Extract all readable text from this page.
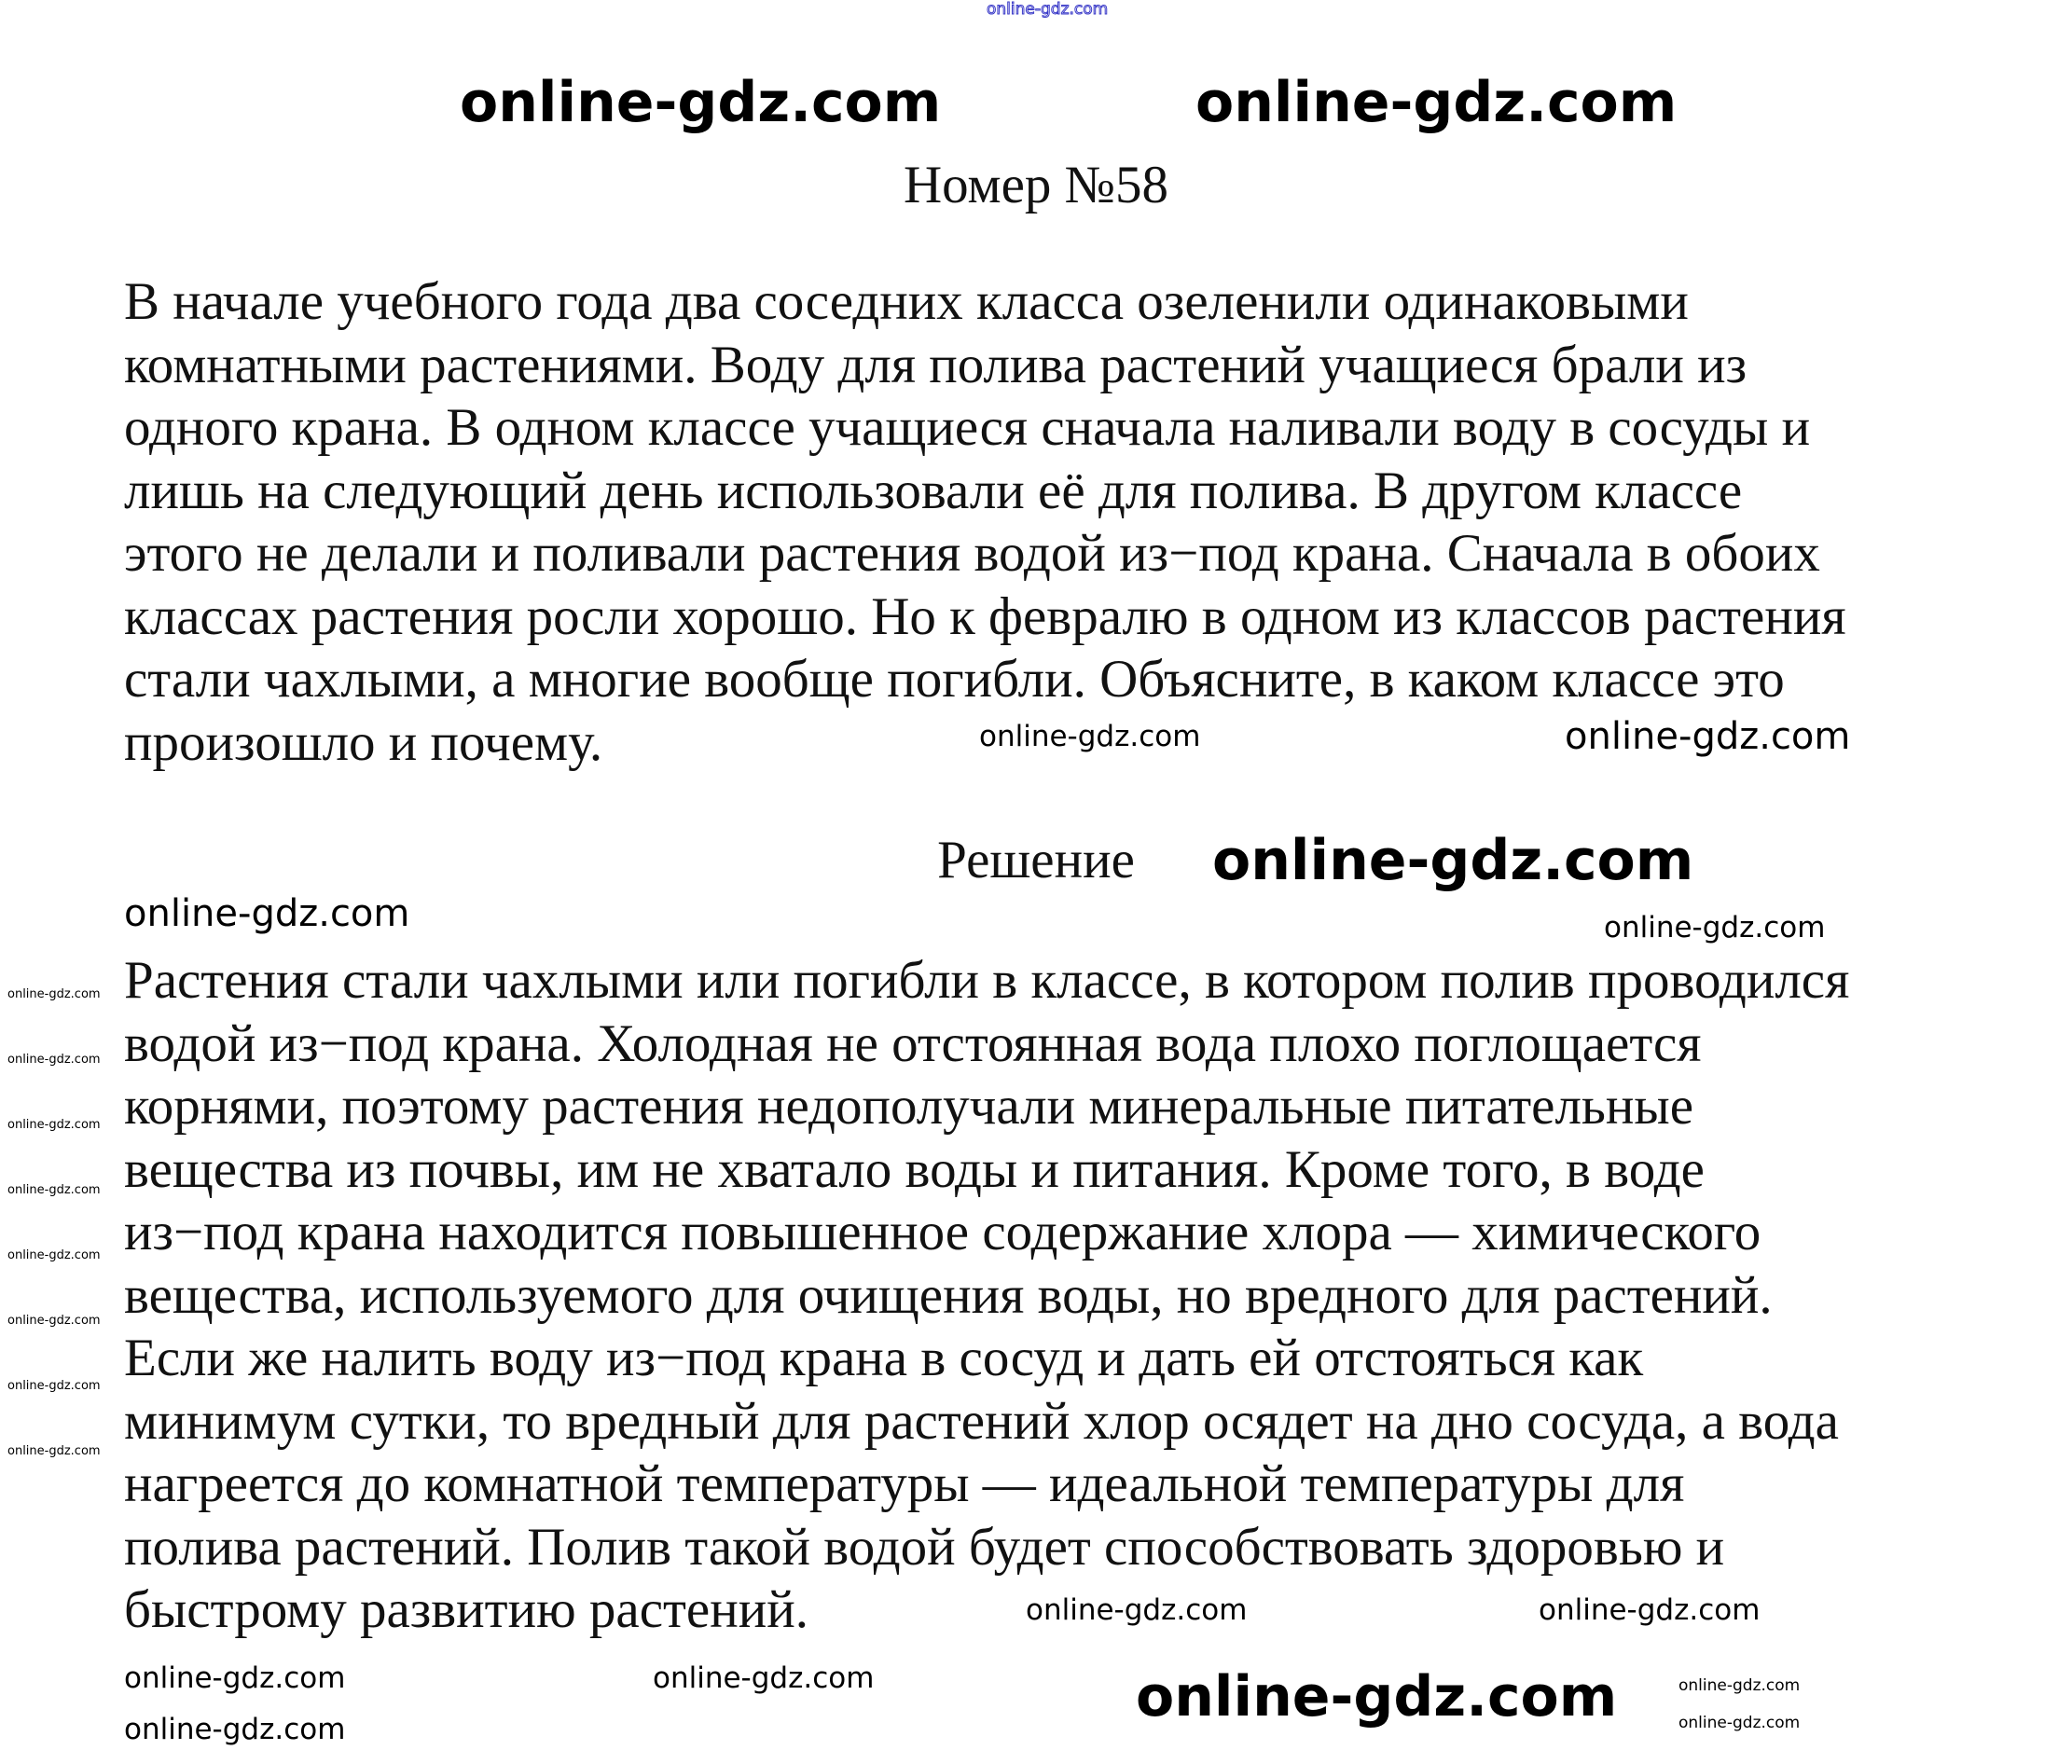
Номер №58
В начале учебного года два соседних класса озеленили одинаковыми
комнатными растениями. Воду для полива растений учащиеся брали из
одного крана. В одном классе учащиеся сначала наливали воду в сосуды и
лишь на следующий день использовали её для полива. В другом классе
этого не делали и поливали растения водой из−под крана. Сначала в обоих
классах растения росли хорошо. Но к февралю в одном из классов растения
стали чахлыми, а многие вообще погибли. Объясните, в каком классе это
произошло и почему.
Решение
Растения стали чахлыми или погибли в классе, в котором полив проводился
водой из−под крана. Холодная не отстоянная вода плохо поглощается
корнями, поэтому растения недополучали минеральные питательные
вещества из почвы, им не хватало воды и питания. Кроме того, в воде
из−под крана находится повышенное содержание хлора — химического
вещества, используемого для очищения воды, но вредного для растений.
Если же налить воду из−под крана в сосуд и дать ей отстояться как
минимум сутки, то вредный для растений хлор осядет на дно сосуда, а вода
нагреется до комнатной температуры — идеальной температуры для
полива растений. Полив такой водой будет способствовать здоровью и
быстрому развитию растений.
online-gdz.com
online-gdz.com	online-gdz.com
online-gdz.com	online-gdz.com
online-gdz.com
online-gdz.com	online-gdz.com
online-gdz.com	online-gdz.com
online-gdz.com	online-gdz.com
online-gdz.com
online-gdz.com
online-gdz.com
online-gdz.com
online-gdz.com
online-gdz.com
online-gdz.com
online-gdz.com
online-gdz.com
online-gdz.com
online-gdz.com
online-gdz.com
